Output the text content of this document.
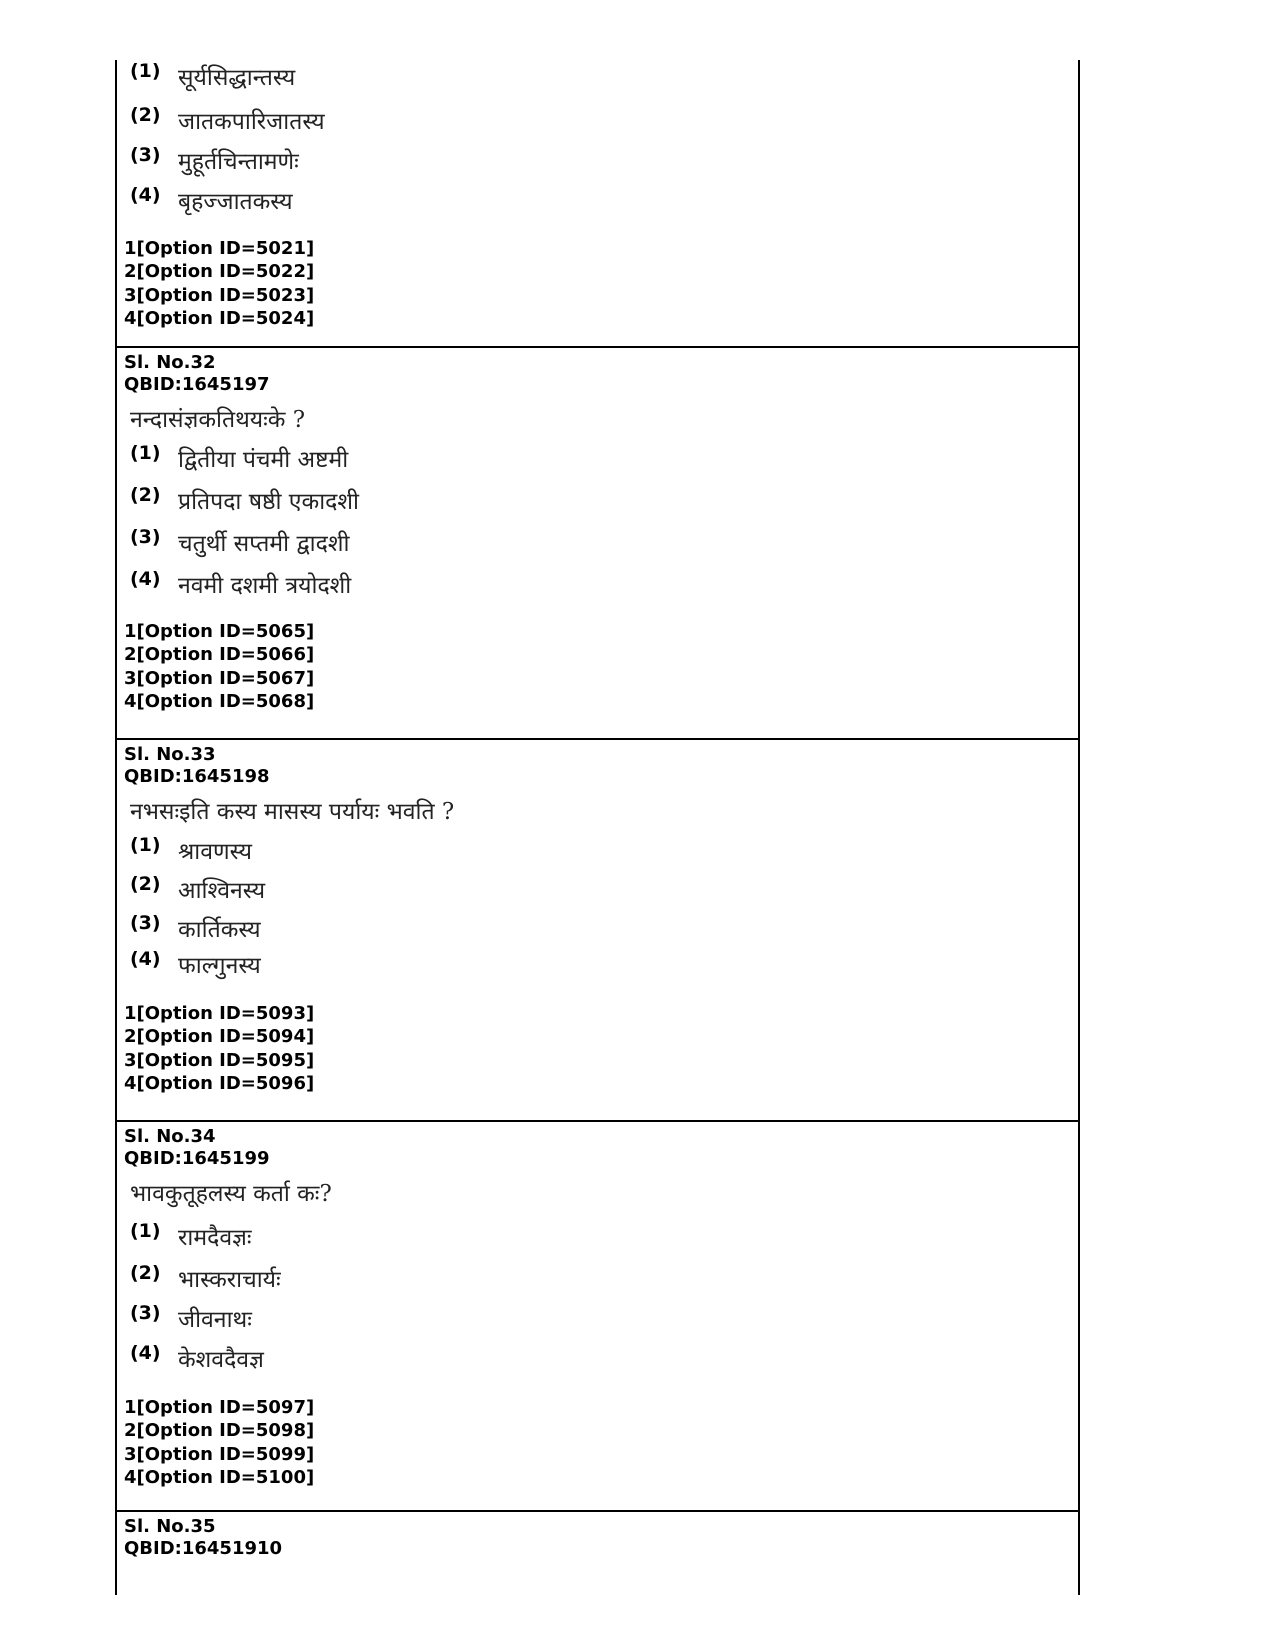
(1) सूर्यसिद्धान्तस्य
(2) जातकपारिजातस्य
(3) मुहूर्तचिन्तामणेः
(4) बृहज्जातकस्य
1[Option ID=5021]
2[Option ID=5022]
3[Option ID=5023]
4[Option ID=5024]
Sl. No.32
QBID:1645197
नन्दासंज्ञकतिथयःके ?
(1) द्वितीया पंचमी अष्टमी
(2) प्रतिपदा षष्ठी एकादशी
(3) चतुर्थी सप्तमी द्वादशी
(4) नवमी दशमी त्रयोदशी
1[Option ID=5065]
2[Option ID=5066]
3[Option ID=5067]
4[Option ID=5068]
Sl. No.33
QBID:1645198
नभसःइति कस्य मासस्य पर्यायः भवति ?
(1) श्रावणस्य
(2) आश्विनस्य
(3) कार्तिकस्य
(4) फाल्गुनस्य
1[Option ID=5093]
2[Option ID=5094]
3[Option ID=5095]
4[Option ID=5096]
Sl. No.34
QBID:1645199
भावकुतूहलस्य कर्ता कः?
(1) रामदैवज्ञः
(2) भास्कराचार्यः
(3) जीवनाथः
(4) केशवदैवज्ञ
1[Option ID=5097]
2[Option ID=5098]
3[Option ID=5099]
4[Option ID=5100]
Sl. No.35
QBID:16451910
